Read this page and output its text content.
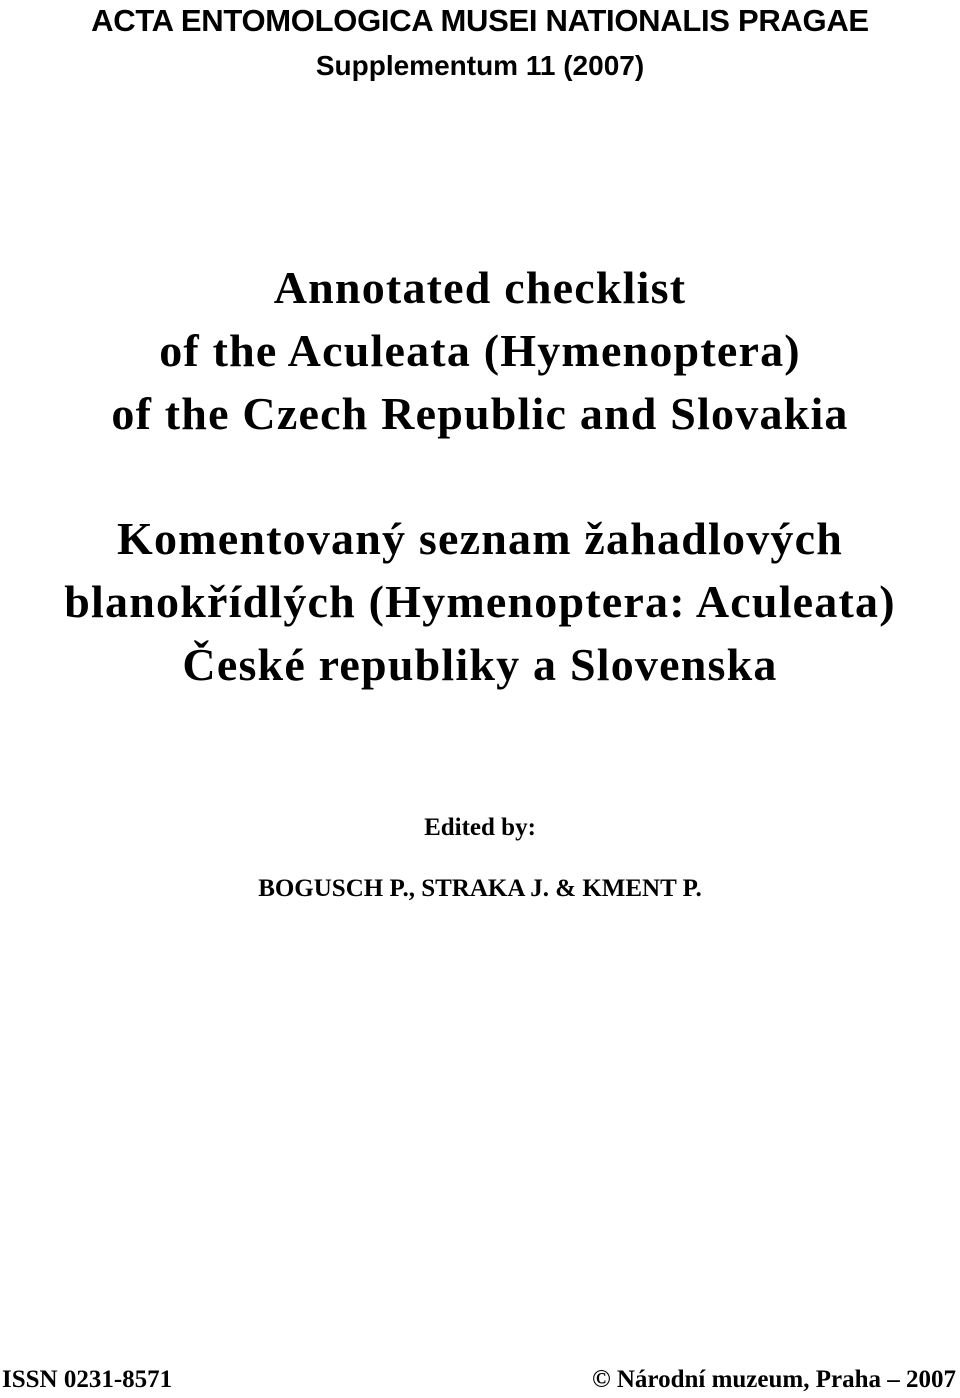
ACTA ENTOMOLOGICA MUSEI NATIONALIS PRAGAE

Supplementum 11 (2007)

Annotated checklist

of the Aculeata (Hymenoptera)

of the Czech Republic and Slovakia

Komentovaný seznam žahadlových

blanokřídlých (Hymenoptera: Aculeata)

České republiky a Slovenska

Edited by:

BOGUSCH P., STRAKA J. & KMENT P.

ISSN 0231-8571	© Národní muzeum, Praha – 2007
